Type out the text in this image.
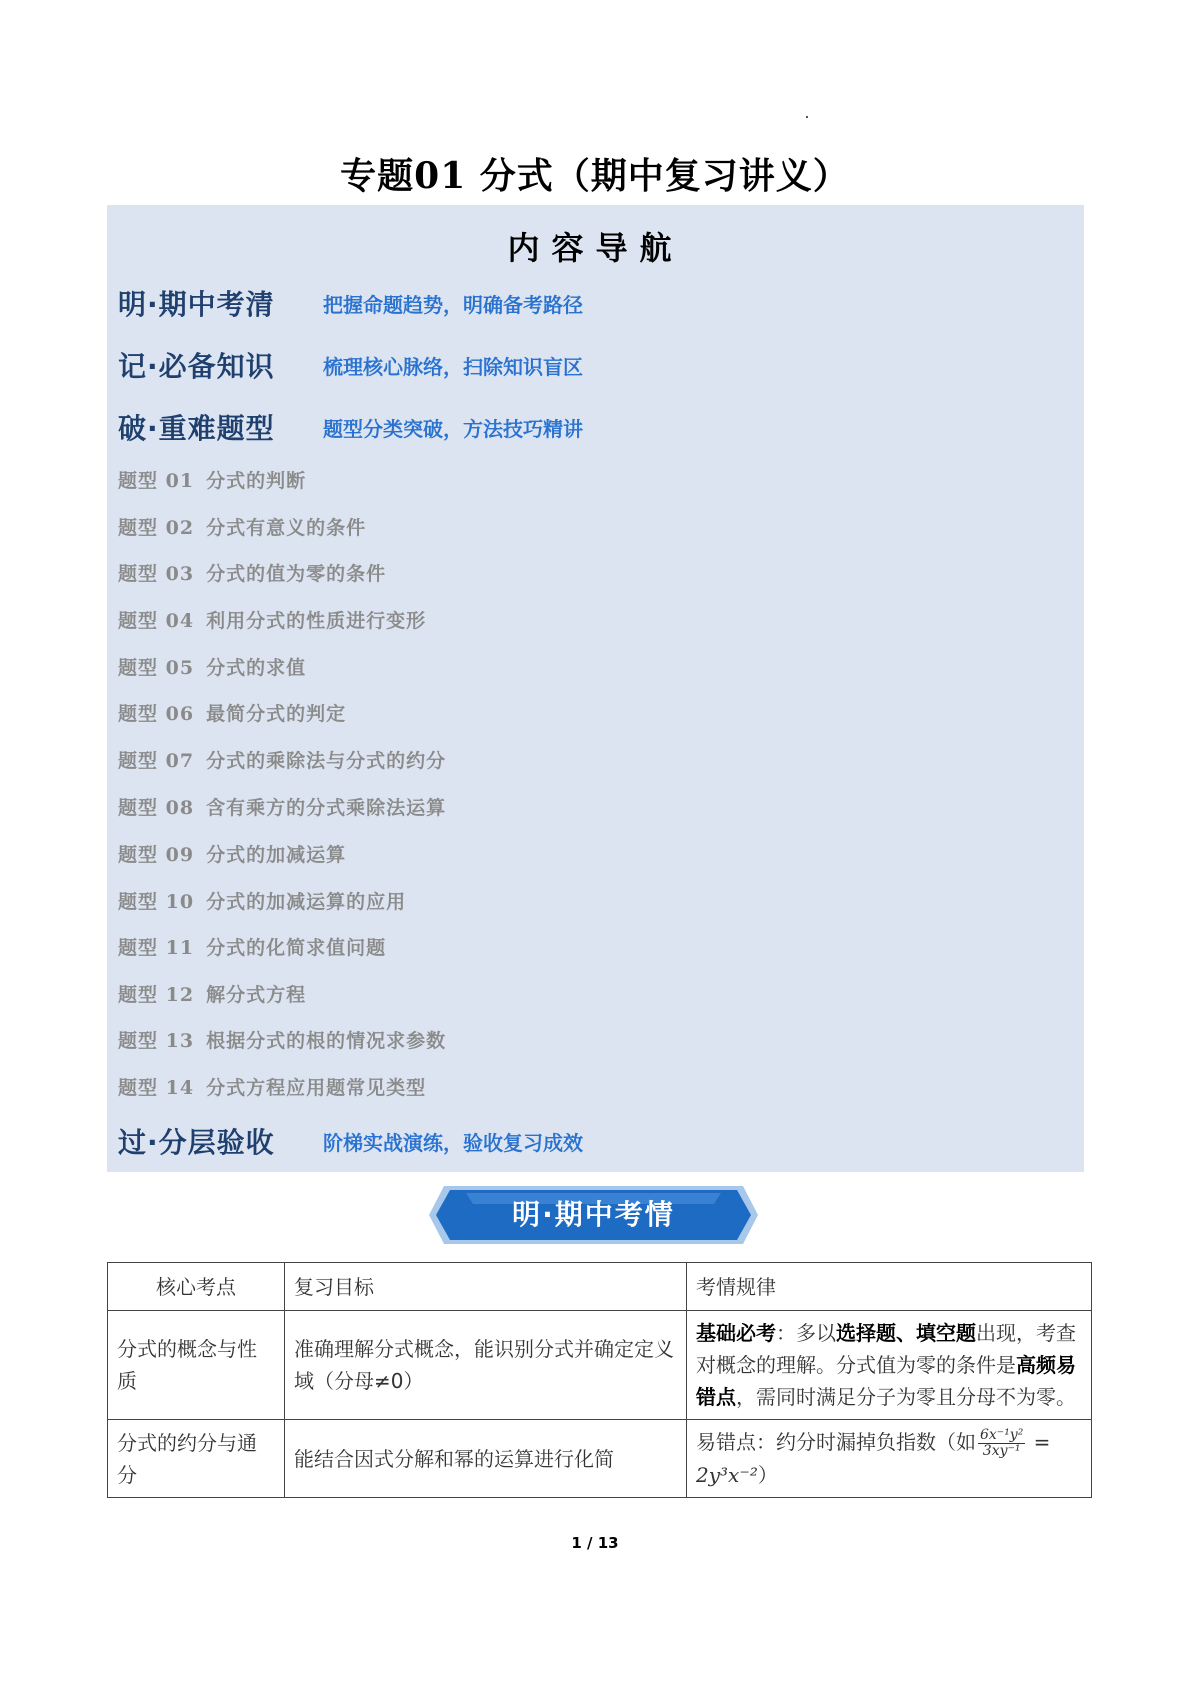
专题01 分式（期中复习讲义）
内容导航
明·期中考清	把握命题趋势，明确备考路径
记·必备知识	梳理核心脉络，扫除知识盲区
破·重难题型	题型分类突破，方法技巧精讲
题型 01 分式的判断
题型 02 分式有意义的条件
题型 03 分式的值为零的条件
题型 04 利用分式的性质进行变形
题型 05 分式的求值
题型 06 最简分式的判定
题型 07 分式的乘除法与分式的约分
题型 08 含有乘方的分式乘除法运算
题型 09 分式的加减运算
题型 10 分式的加减运算的应用
题型 11 分式的化简求值问题
题型 12 解分式方程
题型 13 根据分式的根的情况求参数
题型 14 分式方程应用题常见类型
过·分层验收	阶梯实战演练，验收复习成效
明·期中考情
核心考点	复习目标	考情规律
分式的概念与性质	准确理解分式概念，能识别分式并确定定义域（分母≠0）	基础必考：多以选择题、填空题出现，考查对概念的理解。分式值为零的条件是高频易错点，需同时满足分子为零且分母不为零。
分式的约分与通分	能结合因式分解和幂的运算进行化简	易错点：约分时漏掉负指数（如 $\frac{\text{6x⁻¹y²}}{\text{3xy⁻¹}}$ =
2y³x⁻²）
1 / 13
